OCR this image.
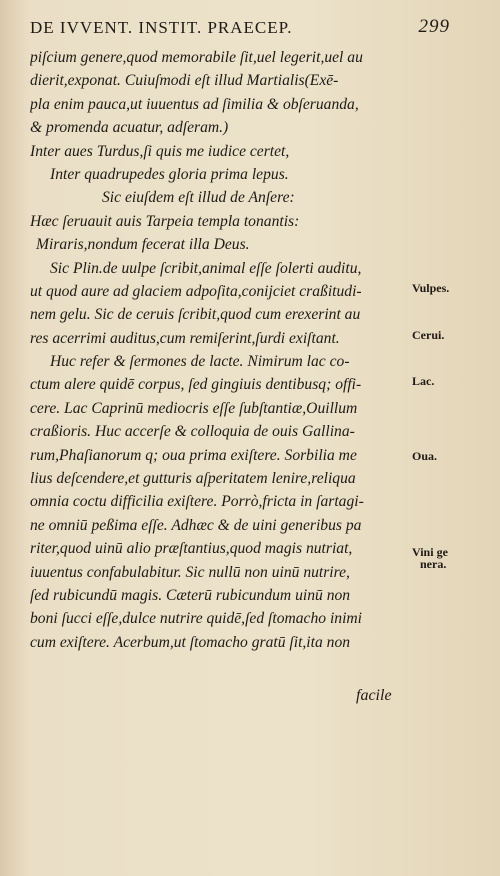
DE IVVENT. INSTIT. PRAECEP.	299
piſcium genere,quod memorabile ſit,uel legerit,uel au
dierit,exponat. Cuiuſmodi eſt illud Martialis(Exē-
pla enim pauca,ut iuuentus ad ſimilia & obſeruanda,
& promenda acuatur, adſeram.)
Inter aues Turdus,ſi quis me iudice certet,
Inter quadrupedes gloria prima lepus.
Sic eiuſdem eſt illud de Anſere:
Hæc ſeruauit auis Tarpeia templa tonantis:
Miraris,nondum fecerat illa Deus.
Sic Plin.de uulpe ſcribit,animal eſſe ſolerti auditu,
ut quod aure ad glaciem adpoſita,conijciet craßitudi-
nem gelu. Sic de ceruis ſcribit,quod cum erexerint au
res acerrimi auditus,cum remiſerint,ſurdi exiſtant.
Huc refer & ſermones de lacte. Nimirum lac co-
ctum alere quidē corpus, ſed gingiuis dentibusq; offi-
cere. Lac Caprinū mediocris eſſe ſubſtantiæ,Ouillum
craßioris. Huc accerſe & colloquia de ouis Gallina-
rum,Phaſianorum q; oua prima exiſtere. Sorbilia me
lius deſcendere,et gutturis aſperitatem lenire,reliqua
omnia coctu difficilia exiſtere. Porrò,fricta in ſartagi-
ne omniū peßima eſſe. Adhæc & de uini generibus pa
riter,quod uinū alio præſtantius,quod magis nutriat,
iuuentus confabulabitur. Sic nullū non uinū nutrire,
ſed rubicundū magis. Cæterū rubicundum uinū non
boni ſucci eſſe,dulce nutrire quidē,ſed ſtomacho inimi
cum exiſtere. Acerbum,ut ſtomacho gratū ſit,ita non
Vulpes.
Cerui.
Lac.
Oua.
Vini ge
nera.
facile
